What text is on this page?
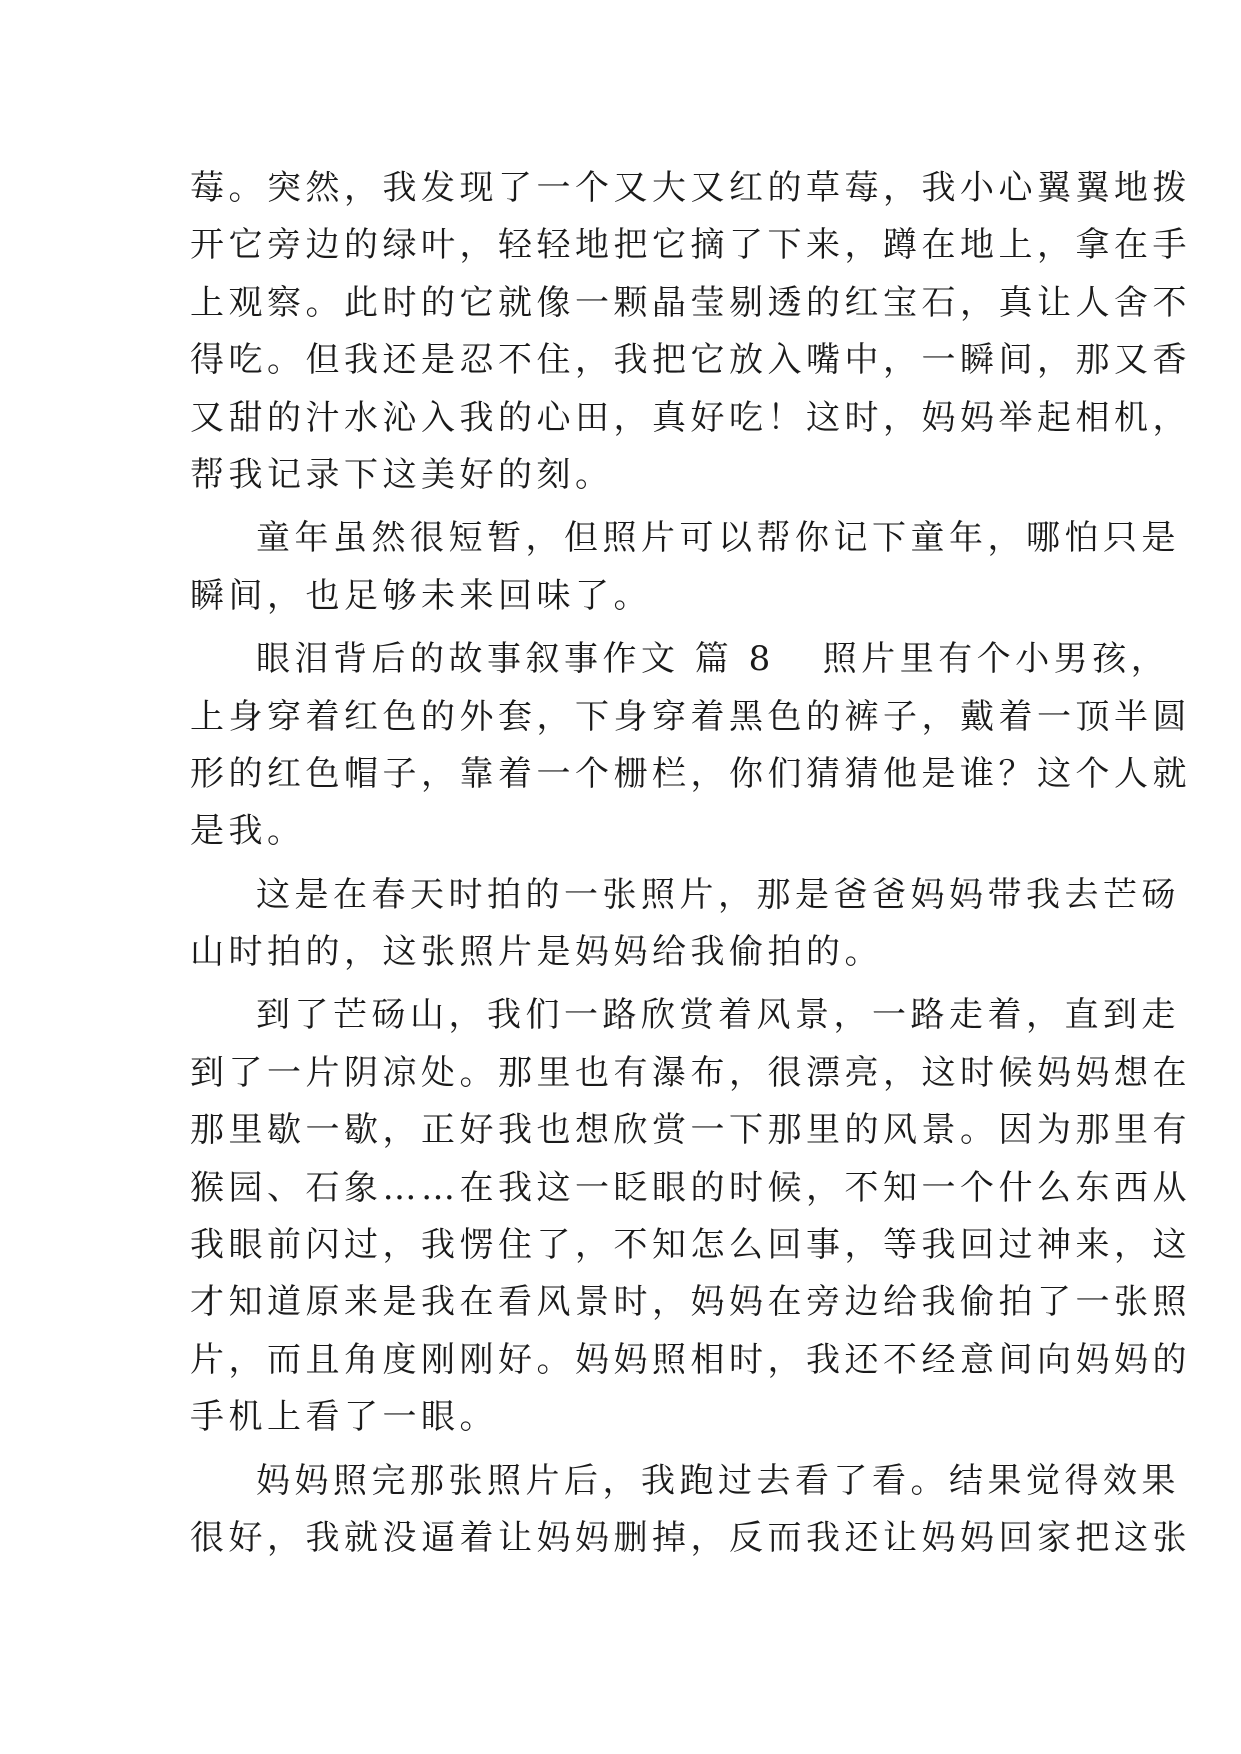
莓。突然，我发现了一个又大又红的草莓，我小心翼翼地拨
开它旁边的绿叶，轻轻地把它摘了下来，蹲在地上，拿在手
上观察。此时的它就像一颗晶莹剔透的红宝石，真让人舍不
得吃。但我还是忍不住，我把它放入嘴中，一瞬间，那又香
又甜的汁水沁入我的心田，真好吃！这时，妈妈举起相机，
帮我记录下这美好的刻。
童年虽然很短暂，但照片可以帮你记下童年，哪怕只是
瞬间，也足够未来回味了。
眼泪背后的故事叙事作文 篇 8 照片里有个小男孩，
上身穿着红色的外套，下身穿着黑色的裤子，戴着一顶半圆
形的红色帽子，靠着一个栅栏，你们猜猜他是谁？这个人就
是我。
这是在春天时拍的一张照片，那是爸爸妈妈带我去芒砀
山时拍的，这张照片是妈妈给我偷拍的。
到了芒砀山，我们一路欣赏着风景，一路走着，直到走
到了一片阴凉处。那里也有瀑布，很漂亮，这时候妈妈想在
那里歇一歇，正好我也想欣赏一下那里的风景。因为那里有
猴园、石象……在我这一眨眼的时候，不知一个什么东西从
我眼前闪过，我愣住了，不知怎么回事，等我回过神来，这
才知道原来是我在看风景时，妈妈在旁边给我偷拍了一张照
片，而且角度刚刚好。妈妈照相时，我还不经意间向妈妈的
手机上看了一眼。
妈妈照完那张照片后，我跑过去看了看。结果觉得效果
很好，我就没逼着让妈妈删掉，反而我还让妈妈回家把这张
